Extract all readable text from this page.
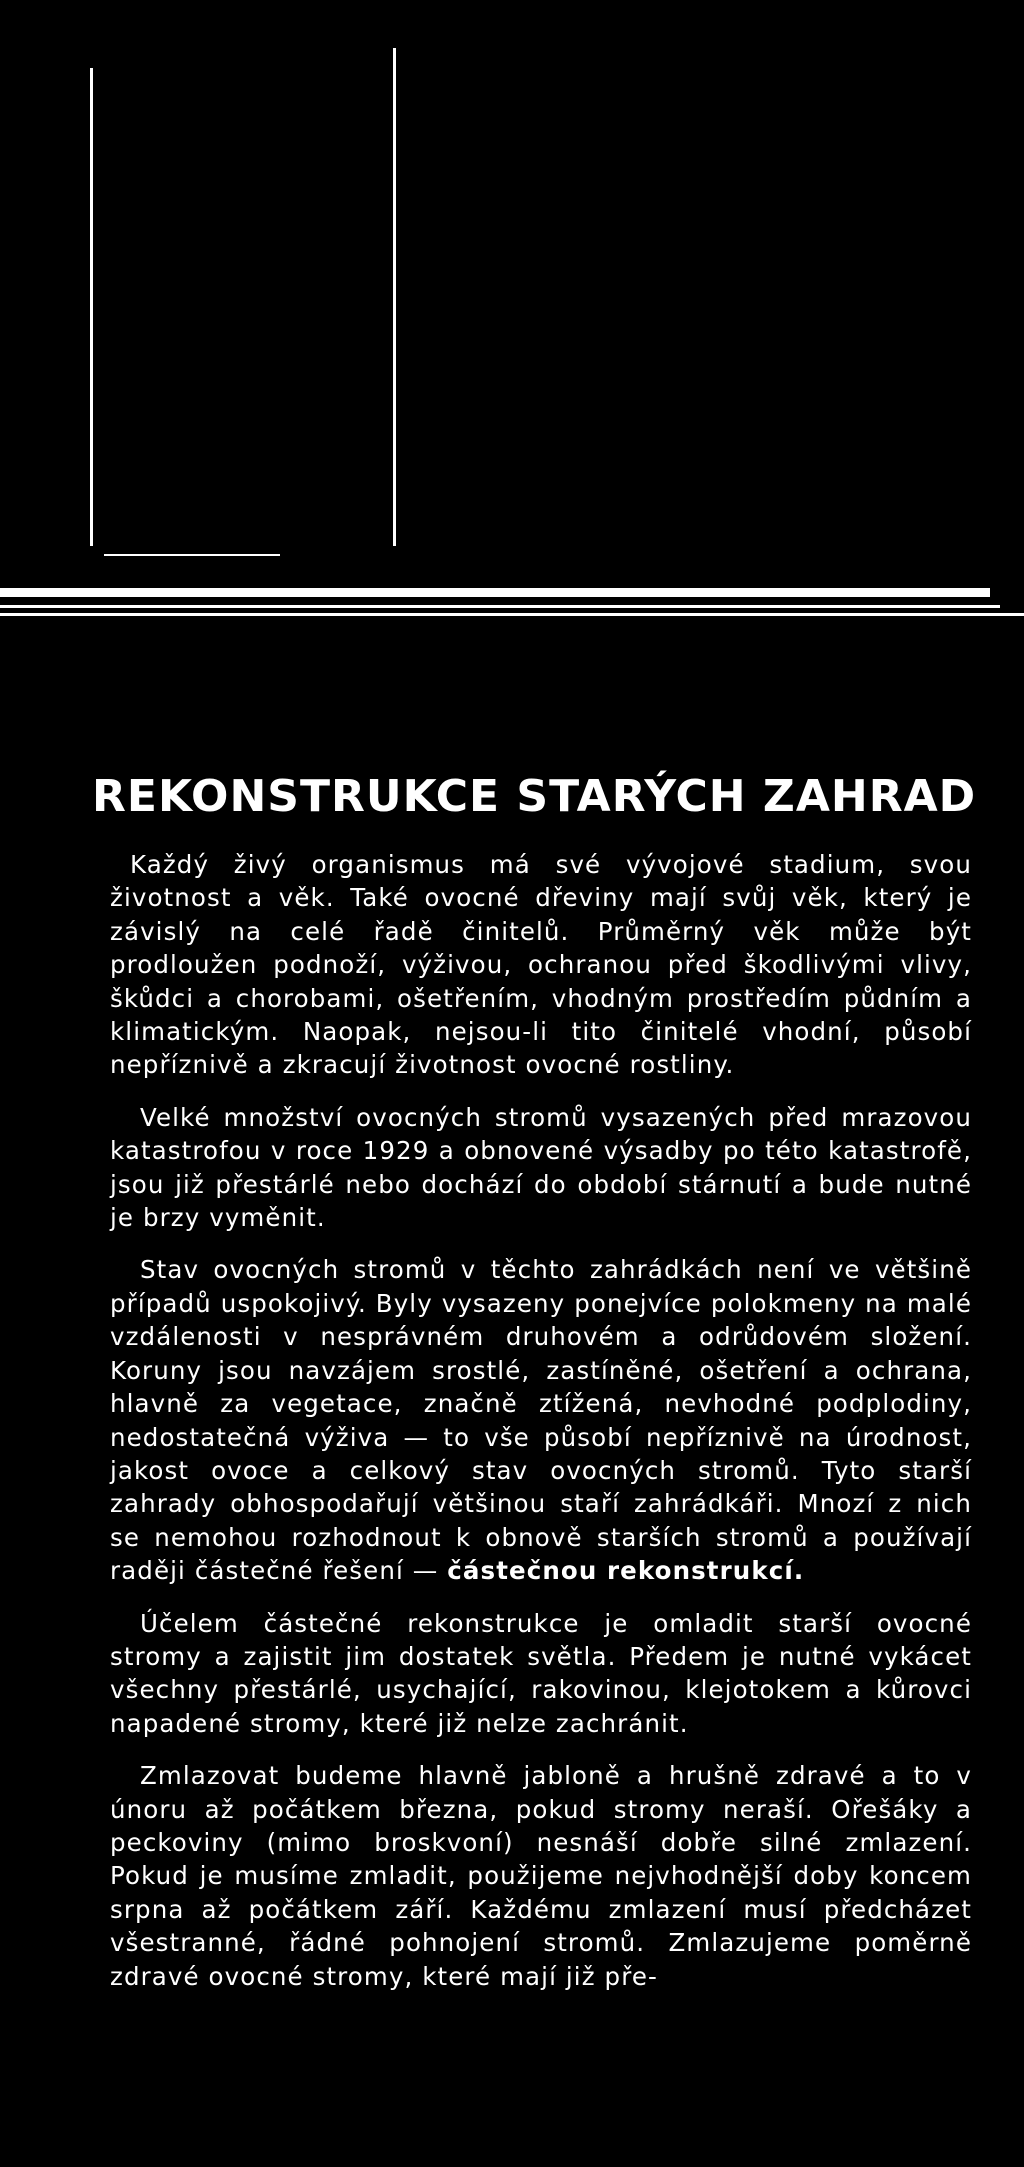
REKONSTRUKCE STARÝCH ZAHRAD

Každý živý organismus má své vývojové stadium, svou životnost a věk. Také ovocné dřeviny mají svůj věk, který je závislý na celé řadě činitelů. Průměrný věk může být prodloužen podnoží, výživou, ochranou před škodlivými vlivy, škůdci a chorobami, ošetřením, vhodným prostředím půdním a klimatickým. Naopak, nejsou-li tito činitelé vhodní, působí nepříznivě a zkracují životnost ovocné rostliny.

Velké množství ovocných stromů vysazených před mrazovou katastrofou v roce 1929 a obnovené výsadby po této katastrofě, jsou již přestárlé nebo dochází do období stárnutí a bude nutné je brzy vyměnit.

Stav ovocných stromů v těchto zahrádkách není ve většině případů uspokojivý. Byly vysazeny ponejvíce polokmeny na malé vzdálenosti v nesprávném druhovém a odrůdovém složení. Koruny jsou navzájem srostlé, zastíněné, ošetření a ochrana, hlavně za vegetace, značně ztížená, nevhodné podplodiny, nedostatečná výživa — to vše působí nepříznivě na úrodnost, jakost ovoce a celkový stav ovocných stromů. Tyto starší zahrady obhospodařují většinou staří zahrádkáři. Mnozí z nich se nemohou rozhodnout k obnově starších stromů a používají raději částečné řešení — částečnou rekonstrukcí.

Účelem částečné rekonstrukce je omladit starší ovocné stromy a zajistit jim dostatek světla. Předem je nutné vykácet všechny přestárlé, usychající, rakovinou, klejotokem a kůrovci napadené stromy, které již nelze zachránit.

Zmlazovat budeme hlavně jabloně a hrušně zdravé a to v únoru až počátkem března, pokud stromy neraší. Ořešáky a peckoviny (mimo broskvoní) nesnáší dobře silné zmlazení. Pokud je musíme zmladit, použijeme nejvhodnější doby koncem srpna až počátkem září. Každému zmlazení musí předcházet všestranné, řádné pohnojení stromů. Zmlazujeme poměrně zdravé ovocné stromy, které mají již pře-
